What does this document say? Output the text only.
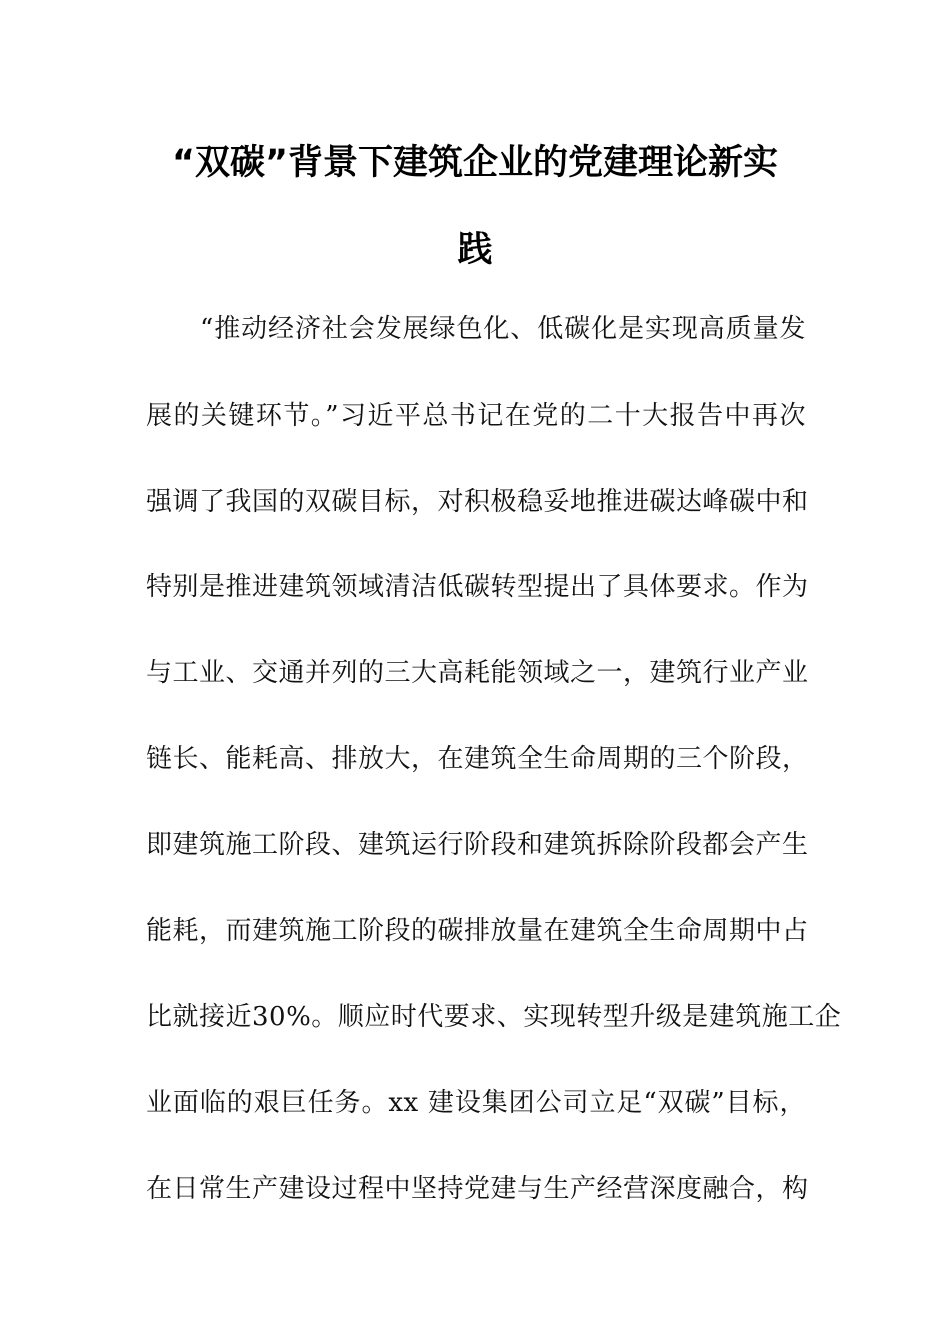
“双碳”背景下建筑企业的党建理论新实
践
“推动经济社会发展绿色化、低碳化是实现高质量发
展的关键环节。”习近平总书记在党的二十大报告中再次
强调了我国的双碳目标，对积极稳妥地推进碳达峰碳中和
特别是推进建筑领域清洁低碳转型提出了具体要求。作为
与工业、交通并列的三大高耗能领域之一，建筑行业产业
链长、能耗高、排放大，在建筑全生命周期的三个阶段，
即建筑施工阶段、建筑运行阶段和建筑拆除阶段都会产生
能耗，而建筑施工阶段的碳排放量在建筑全生命周期中占
比就接近30%。顺应时代要求、实现转型升级是建筑施工企
业面临的艰巨任务。xx 建设集团公司立足“双碳”目标，
在日常生产建设过程中坚持党建与生产经营深度融合，构
